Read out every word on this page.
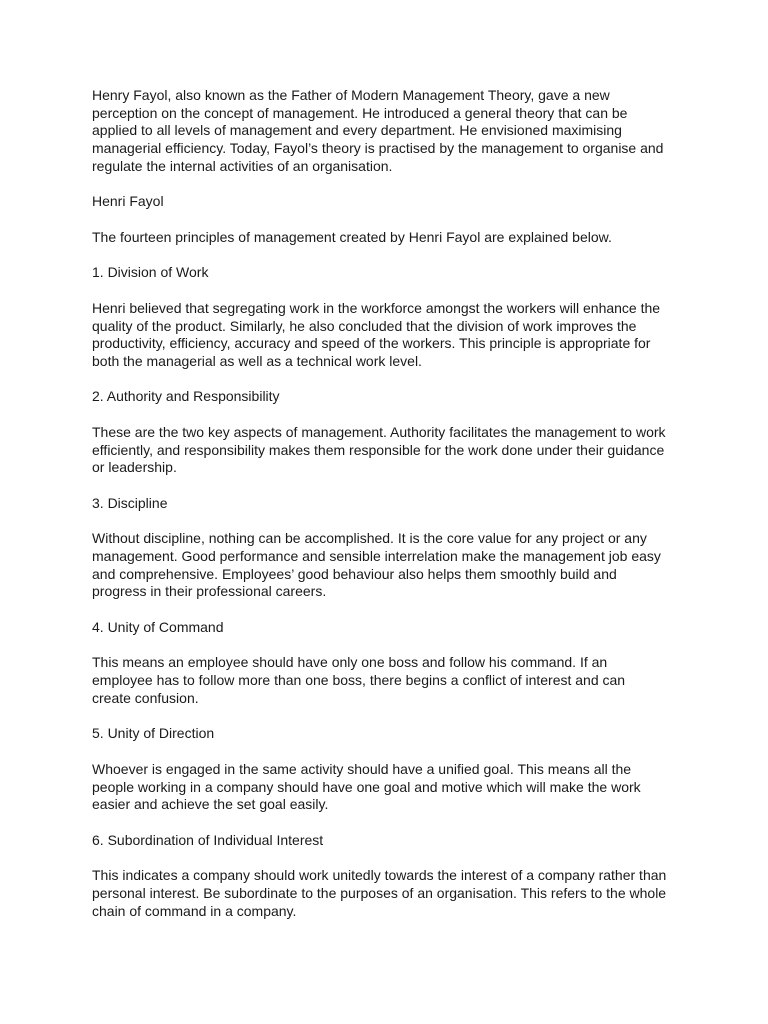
Henry Fayol, also known as the Father of Modern Management Theory, gave a new
perception on the concept of management. He introduced a general theory that can be
applied to all levels of management and every department. He envisioned maximising
managerial efficiency. Today, Fayol’s theory is practised by the management to organise and
regulate the internal activities of an organisation.
Henri Fayol
The fourteen principles of management created by Henri Fayol are explained below.
1. Division of Work
Henri believed that segregating work in the workforce amongst the workers will enhance the
quality of the product. Similarly, he also concluded that the division of work improves the
productivity, efficiency, accuracy and speed of the workers. This principle is appropriate for
both the managerial as well as a technical work level.
2. Authority and Responsibility
These are the two key aspects of management. Authority facilitates the management to work
efficiently, and responsibility makes them responsible for the work done under their guidance
or leadership.
3. Discipline
Without discipline, nothing can be accomplished. It is the core value for any project or any
management. Good performance and sensible interrelation make the management job easy
and comprehensive. Employees’ good behaviour also helps them smoothly build and
progress in their professional careers.
4. Unity of Command
This means an employee should have only one boss and follow his command. If an
employee has to follow more than one boss, there begins a conflict of interest and can
create confusion.
5. Unity of Direction
Whoever is engaged in the same activity should have a unified goal. This means all the
people working in a company should have one goal and motive which will make the work
easier and achieve the set goal easily.
6. Subordination of Individual Interest
This indicates a company should work unitedly towards the interest of a company rather than
personal interest. Be subordinate to the purposes of an organisation. This refers to the whole
chain of command in a company.
